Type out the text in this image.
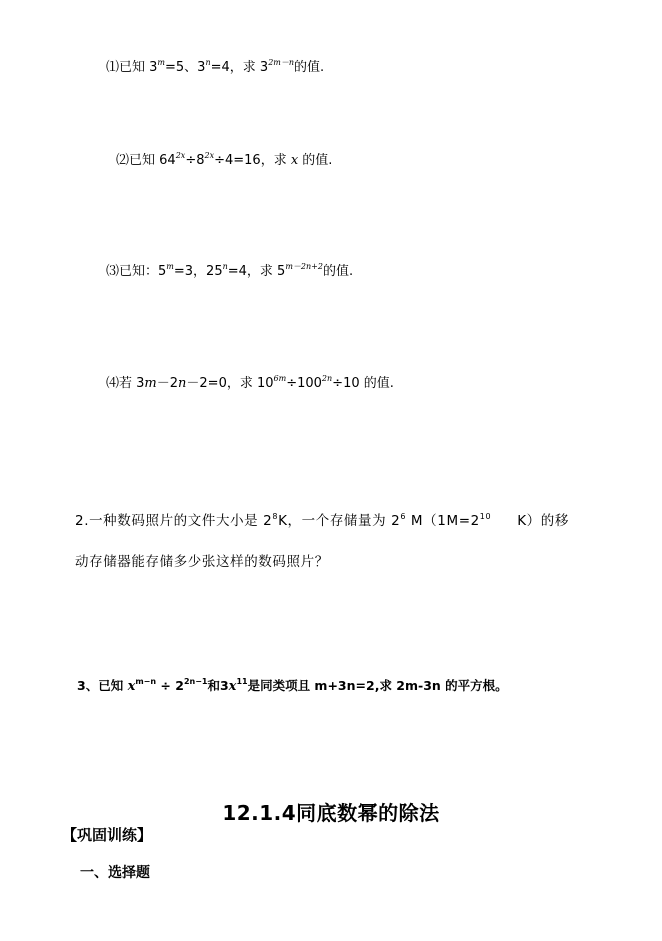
⑴已知 $3^m=5$、$3^n=4$，求 $3^{2m-n}$的值.
⑵已知 $64^{2x}\div 8^{2x}\div 4=16$，求 x 的值.
⑶已知：$5^m=3$，$25^n=4$，求 $5^{m-2n+2}$的值.
⑷若 3m－2n－2=0，求 $10^{6m}\div 100^{2n}\div 10$ 的值.
2.一种数码照片的文件大小是 $2^8K$，一个存储量为 $2^6$ $M(1M=2^{10}$ K）的移
动存储器能存储多少张这样的数码照片？
3、已知 $x^{m-n} \div 2^{2n-1}$和$3x^{11}$是同类项且 m+3n=2,求 2m-3n 的平方根。
12.1.4同底数幂的除法
【巩固训练】
一、选择题
